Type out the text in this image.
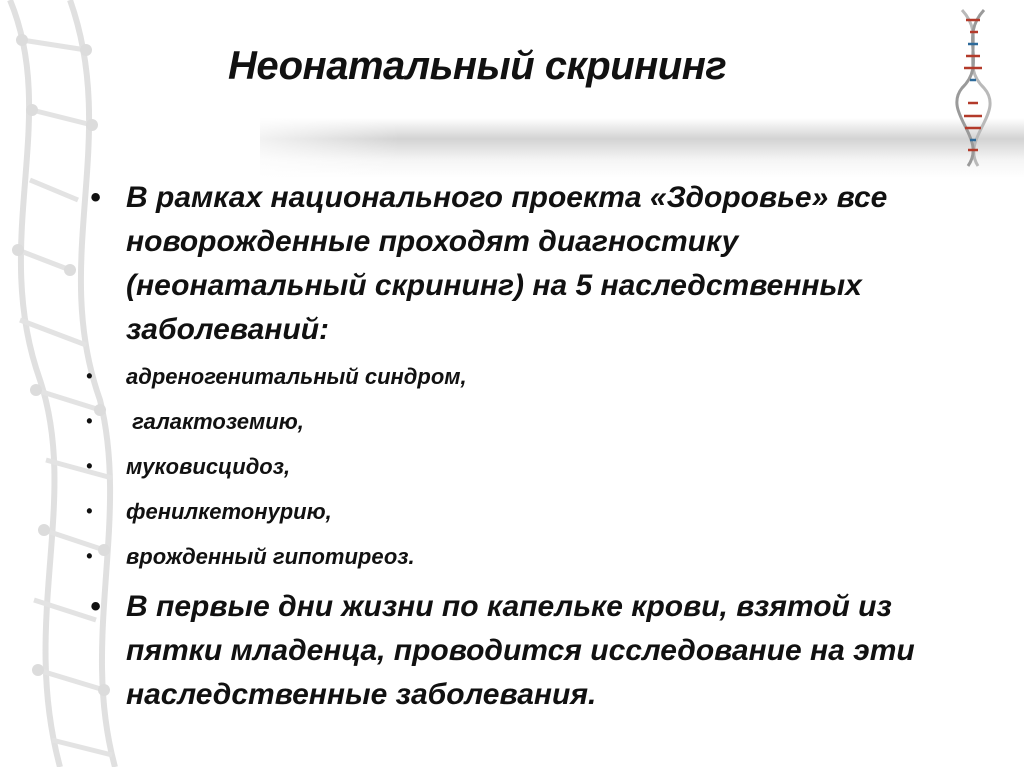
Неонатальный скрининг
• В рамках национального проекта «Здоровье» все новорожденные проходят диагностику (неонатальный скрининг) на 5 наследственных заболеваний:
• адреногенитальный синдром,
• галактоземию,
• муковисцидоз,
• фенилкетонурию,
• врожденный гипотиреоз.
• В первые дни жизни по капельке крови, взятой из пятки младенца, проводится исследование на эти наследственные заболевания.
